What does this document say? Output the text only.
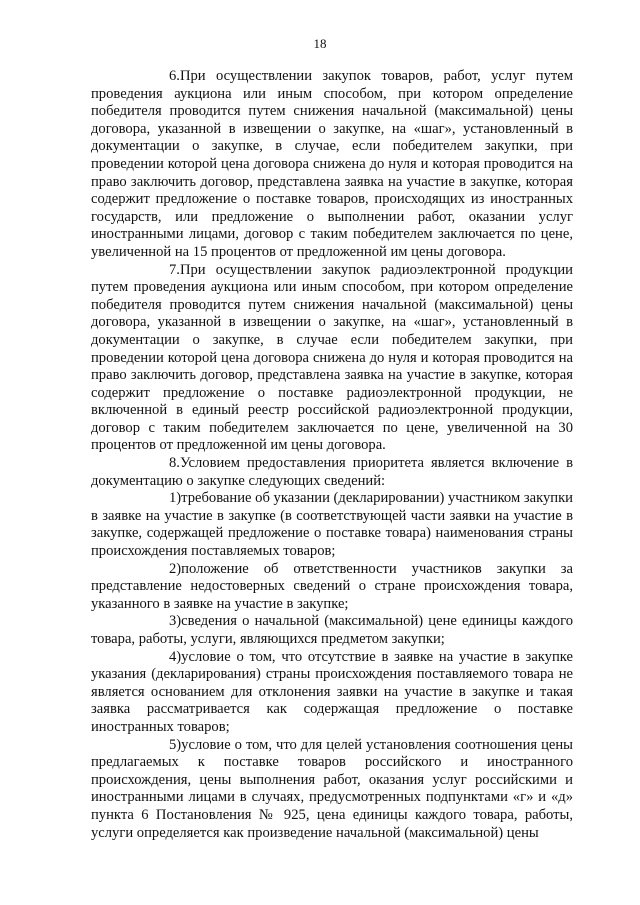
18

6.При осуществлении закупок товаров, работ, услуг путем проведения аукциона или иным способом, при котором определение победителя проводится путем снижения начальной (максимальной) цены договора, указанной в извещении о закупке, на «шаг», установленный в документации о закупке, в случае, если победителем закупки, при проведении которой цена договора снижена до нуля и которая проводится на право заключить договор, представлена заявка на участие в закупке, которая содержит предложение о поставке товаров, происходящих из иностранных государств, или предложение о выполнении работ, оказании услуг иностранными лицами, договор с таким победителем заключается по цене, увеличенной на 15 процентов от предложенной им цены договора.

7.При осуществлении закупок радиоэлектронной продукции путем проведения аукциона или иным способом, при котором определение победителя проводится путем снижения начальной (максимальной) цены договора, указанной в извещении о закупке, на «шаг», установленный в документации о закупке, в случае если победителем закупки, при проведении которой цена договора снижена до нуля и которая проводится на право заключить договор, представлена заявка на участие в закупке, которая содержит предложение о поставке радиоэлектронной продукции, не включенной в единый реестр российской радиоэлектронной продукции, договор с таким победителем заключается по цене, увеличенной на 30 процентов от предложенной им цены договора.

8.Условием предоставления приоритета является включение в документацию о закупке следующих сведений:

1)требование об указании (декларировании) участником закупки в заявке на участие в закупке (в соответствующей части заявки на участие в закупке, содержащей предложение о поставке товара) наименования страны происхождения поставляемых товаров;

2)положение об ответственности участников закупки за представление недостоверных сведений о стране происхождения товара, указанного в заявке на участие в закупке;

3)сведения о начальной (максимальной) цене единицы каждого товара, работы, услуги, являющихся предметом закупки;

4)условие о том, что отсутствие в заявке на участие в закупке указания (декларирования) страны происхождения поставляемого товара не является основанием для отклонения заявки на участие в закупке и такая заявка рассматривается как содержащая предложение о поставке иностранных товаров;

5)условие о том, что для целей установления соотношения цены предлагаемых к поставке товаров российского и иностранного происхождения, цены выполнения работ, оказания услуг российскими и иностранными лицами в случаях, предусмотренных подпунктами «г» и «д» пункта 6 Постановления № 925, цена единицы каждого товара, работы, услуги определяется как произведение начальной (максимальной) цены
